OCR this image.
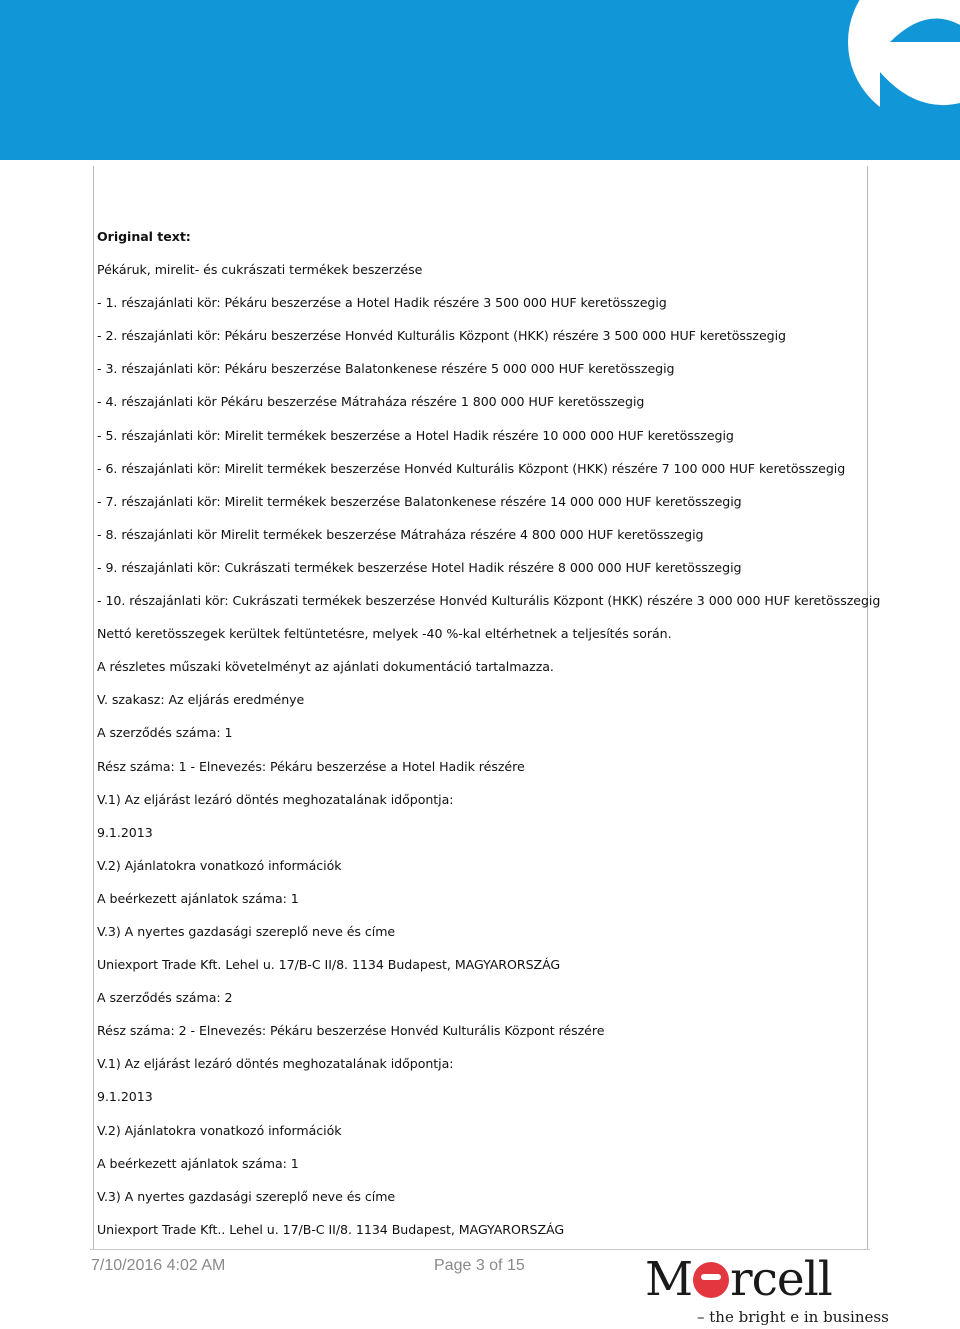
Original text:
Pékáruk, mirelit- és cukrászati termékek beszerzése
- 1. részajánlati kör: Pékáru beszerzése a Hotel Hadik részére 3 500 000 HUF keretösszegig
- 2. részajánlati kör: Pékáru beszerzése Honvéd Kulturális Központ (HKK) részére 3 500 000 HUF keretösszegig
- 3. részajánlati kör: Pékáru beszerzése Balatonkenese részére 5 000 000 HUF keretösszegig
- 4. részajánlati kör Pékáru beszerzése Mátraháza részére 1 800 000 HUF keretösszegig
- 5. részajánlati kör: Mirelit termékek beszerzése a Hotel Hadik részére 10 000 000 HUF keretösszegig
- 6. részajánlati kör: Mirelit termékek beszerzése Honvéd Kulturális Központ (HKK) részére 7 100 000 HUF keretösszegig
- 7. részajánlati kör: Mirelit termékek beszerzése Balatonkenese részére 14 000 000 HUF keretösszegig
- 8. részajánlati kör Mirelit termékek beszerzése Mátraháza részére 4 800 000 HUF keretösszegig
- 9. részajánlati kör: Cukrászati termékek beszerzése Hotel Hadik részére 8 000 000 HUF keretösszegig
- 10. részajánlati kör: Cukrászati termékek beszerzése Honvéd Kulturális Központ (HKK) részére 3 000 000 HUF keretösszegig
Nettó keretösszegek kerültek feltüntetésre, melyek -40 %-kal eltérhetnek a teljesítés során.
A részletes műszaki követelményt az ajánlati dokumentáció tartalmazza.
V. szakasz: Az eljárás eredménye
A szerződés száma: 1
Rész száma: 1 - Elnevezés: Pékáru beszerzése a Hotel Hadik részére
V.1) Az eljárást lezáró döntés meghozatalának időpontja:
9.1.2013
V.2) Ajánlatokra vonatkozó információk
A beérkezett ajánlatok száma: 1
V.3) A nyertes gazdasági szereplő neve és címe
Uniexport Trade Kft. Lehel u. 17/B-C II/8. 1134 Budapest, MAGYARORSZÁG
A szerződés száma: 2
Rész száma: 2 - Elnevezés: Pékáru beszerzése Honvéd Kulturális Központ részére
V.1) Az eljárást lezáró döntés meghozatalának időpontja:
9.1.2013
V.2) Ajánlatokra vonatkozó információk
A beérkezett ajánlatok száma: 1
V.3) A nyertes gazdasági szereplő neve és címe
Uniexport Trade Kft.. Lehel u. 17/B-C II/8. 1134 Budapest, MAGYARORSZÁG
7/10/2016 4:02 AM	Page 3 of 15	M rcell
– the bright e in business
